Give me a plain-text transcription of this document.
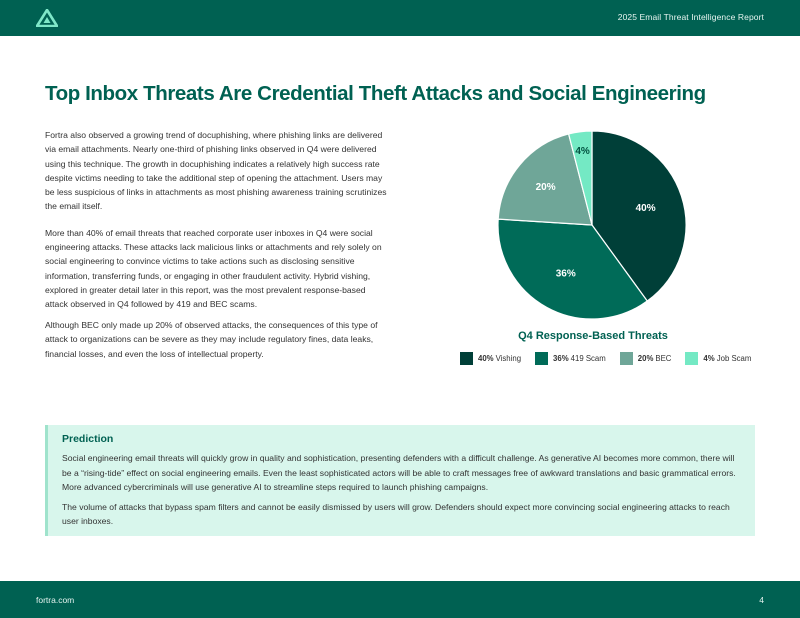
2025 Email Threat Intelligence Report
Top Inbox Threats Are Credential Theft Attacks and Social Engineering

Fortra also observed a growing trend of docuphishing, where phishing links are delivered via email attachments. Nearly one-third of phishing links observed in Q4 were delivered using this technique. The growth in docuphishing indicates a relatively high success rate despite victims needing to take the additional step of opening the attachment. Users may be less suspicious of links in attachments as most phishing awareness training scrutinizes the email itself.

More than 40% of email threats that reached corporate user inboxes in Q4 were social engineering attacks. These attacks lack malicious links or attachments and rely solely on social engineering to convince victims to take actions such as disclosing sensitive information, transferring funds, or engaging in other fraudulent activity. Hybrid vishing, explored in greater detail later in this report, was the most prevalent response-based attack observed in Q4 followed by 419 and BEC scams.

Although BEC only made up 20% of observed attacks, the consequences of this type of attack to organizations can be severe as they may include regulatory fines, data leaks, financial losses, and even the loss of intellectual property.

40%
36%
20%
4%
Q4 Response-Based Threats
40% Vishing	36% 419 Scam	20% BEC	4% Job Scam
Prediction

Social engineering email threats will quickly grow in quality and sophistication, presenting defenders with a difficult challenge. As generative AI becomes more common, there will be a “rising-tide” effect on social engineering emails. Even the least sophisticated actors will be able to craft messages free of awkward translations and basic grammatical errors. More advanced cybercriminals will use generative AI to streamline steps required to launch phishing campaigns.

The volume of attacks that bypass spam filters and cannot be easily dismissed by users will grow. Defenders should expect more convincing social engineering attacks to reach user inboxes.

fortra.com	4
